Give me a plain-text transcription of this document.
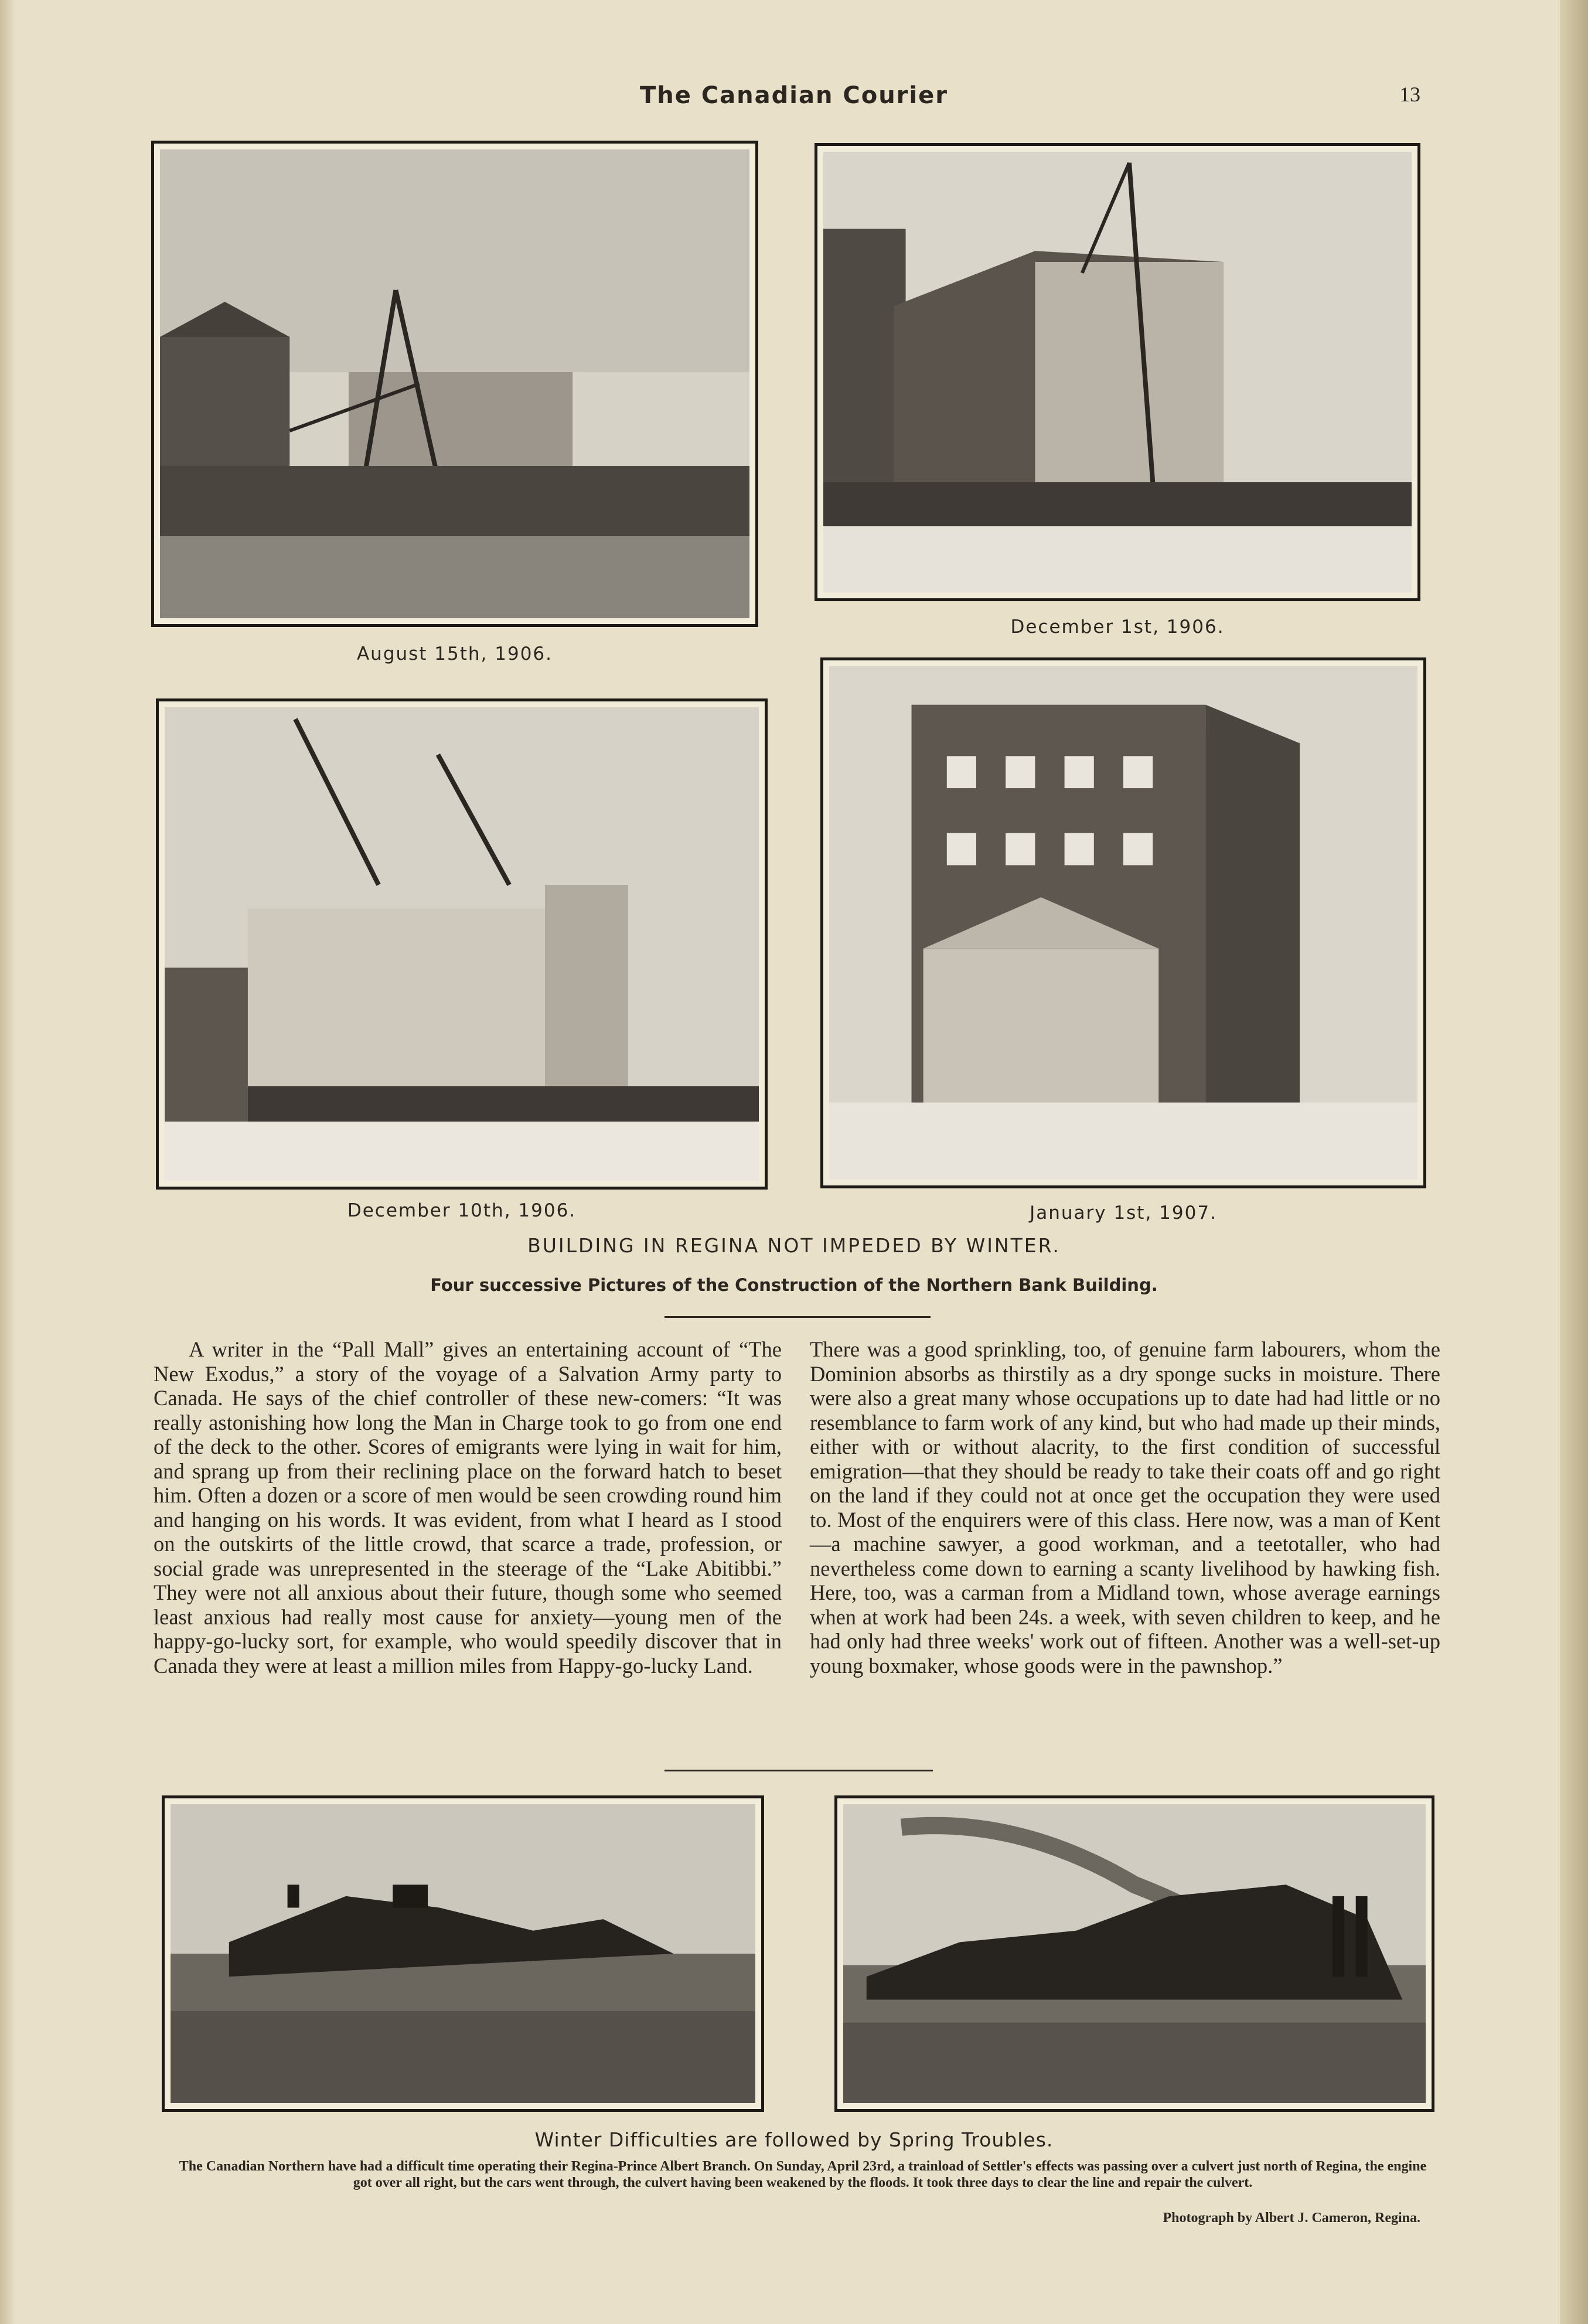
The Canadian Courier	13
August 15th, 1906.
December 1st, 1906.
December 10th, 1906.	January 1st, 1907.
BUILDING IN REGINA NOT IMPEDED BY WINTER.
Four successive Pictures of the Construction of the Northern Bank Building.

A writer in the “Pall Mall” gives an entertaining account of “The New Exodus,” a story of the voyage of a Salvation Army party to Canada. He says of the chief controller of these new-comers: “It was really astonishing how long the Man in Charge took to go from one end of the deck to the other. Scores of emigrants were lying in wait for him, and sprang up from their reclining place on the forward hatch to beset him. Often a dozen or a score of men would be seen crowding round him and hanging on his words. It was evident, from what I heard as I stood on the outskirts of the little crowd, that scarce a trade, profession, or social grade was unrepresented in the steerage of the “Lake Abitibbi.” They were not all anxious about their future, though some who seemed least anxious had really most cause for anxiety—young men of the happy-go-lucky sort, for example, who would speedily discover that in Canada they were at least a million miles from Happy-go-lucky Land.

There was a good sprinkling, too, of genuine farm labourers, whom the Dominion absorbs as thirstily as a dry sponge sucks in moisture. There were also a great many whose occupations up to date had had little or no resemblance to farm work of any kind, but who had made up their minds, either with or without alacrity, to the first condition of successful emigration—that they should be ready to take their coats off and go right on the land if they could not at once get the occupation they were used to. Most of the enquirers were of this class. Here now, was a man of Kent—a machine sawyer, a good workman, and a teetotaller, who had nevertheless come down to earning a scanty livelihood by hawking fish. Here, too, was a carman from a Midland town, whose average earnings when at work had been 24s. a week, with seven children to keep, and he had only had three weeks' work out of fifteen. Another was a well-set-up young boxmaker, whose goods were in the pawnshop.”

Winter Difficulties are followed by Spring Troubles.
The Canadian Northern have had a difficult time operating their Regina-Prince Albert Branch. On Sunday, April 23rd, a trainload of Settler's effects was passing over a culvert just north of Regina, the engine got over all right, but the cars went through, the culvert having been weakened by the floods. It took three days to clear the line and repair the culvert.
Photograph by Albert J. Cameron, Regina.
